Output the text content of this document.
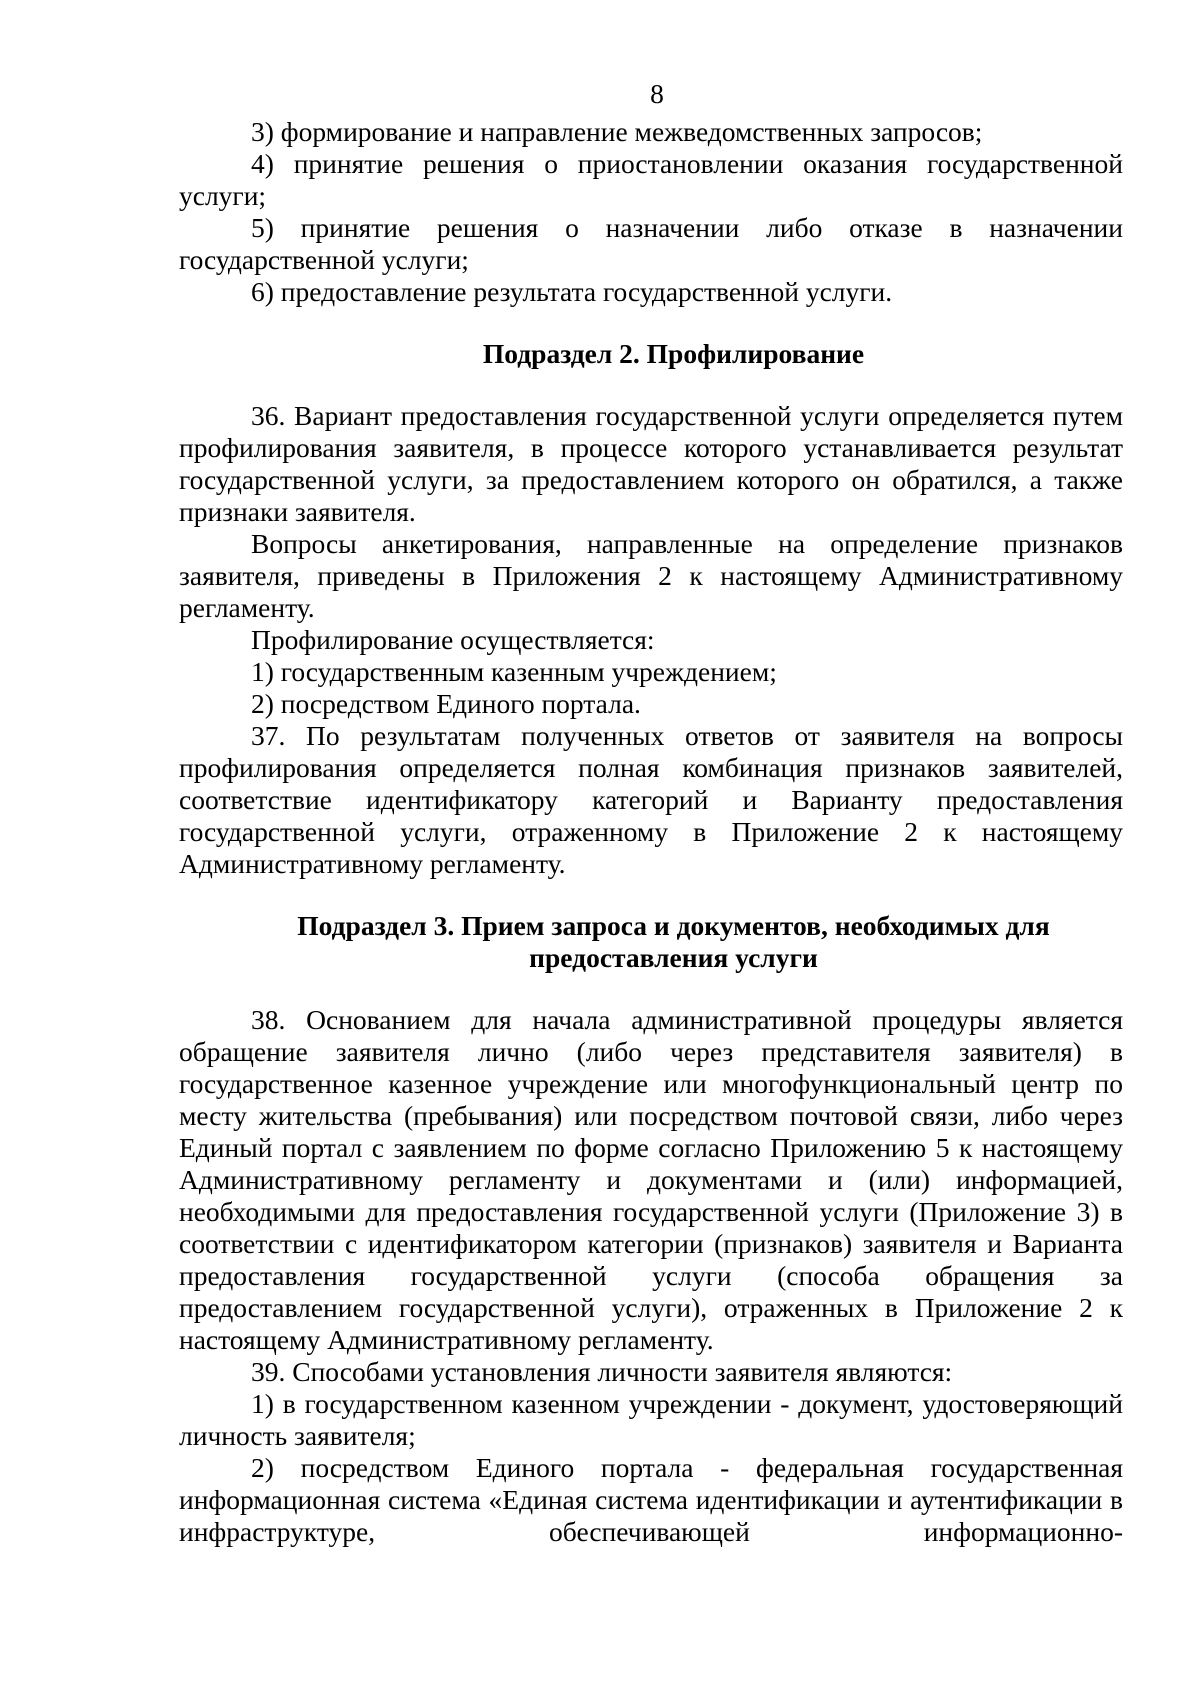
8

3) формирование и направление межведомственных запросов;

4) принятие решения о приостановлении оказания государственной услуги;

5) принятие решения о назначении либо отказе в назначении государственной услуги;

6) предоставление результата государственной услуги.

Подраздел 2. Профилирование

36. Вариант предоставления государственной услуги определяется путем профилирования заявителя, в процессе которого устанавливается результат государственной услуги, за предоставлением которого он обратился, а также признаки заявителя.

Вопросы анкетирования, направленные на определение признаков заявителя, приведены в Приложения 2 к настоящему Административному регламенту.

Профилирование осуществляется:

1) государственным казенным учреждением;

2) посредством Единого портала.

37. По результатам полученных ответов от заявителя на вопросы профилирования определяется полная комбинация признаков заявителей, соответствие идентификатору категорий и Варианту предоставления государственной услуги, отраженному в Приложение 2 к настоящему Административному регламенту.

Подраздел 3. Прием запроса и документов, необходимых для
предоставления услуги

38. Основанием для начала административной процедуры является обращение заявителя лично (либо через представителя заявителя) в государственное казенное учреждение или многофункциональный центр по месту жительства (пребывания) или посредством почтовой связи, либо через Единый портал с заявлением по форме согласно Приложению 5 к настоящему Административному регламенту и документами и (или) информацией, необходимыми для предоставления государственной услуги (Приложение 3) в соответствии с идентификатором категории (признаков) заявителя и Варианта предоставления государственной услуги (способа обращения за предоставлением государственной услуги), отраженных в Приложение 2 к настоящему Административному регламенту.

39. Способами установления личности заявителя являются:

1) в государственном казенном учреждении - документ, удостоверяющий личность заявителя;

2) посредством Единого портала - федеральная государственная информационная система «Единая система идентификации и аутентификации в инфраструктуре, обеспечивающей информационно-
